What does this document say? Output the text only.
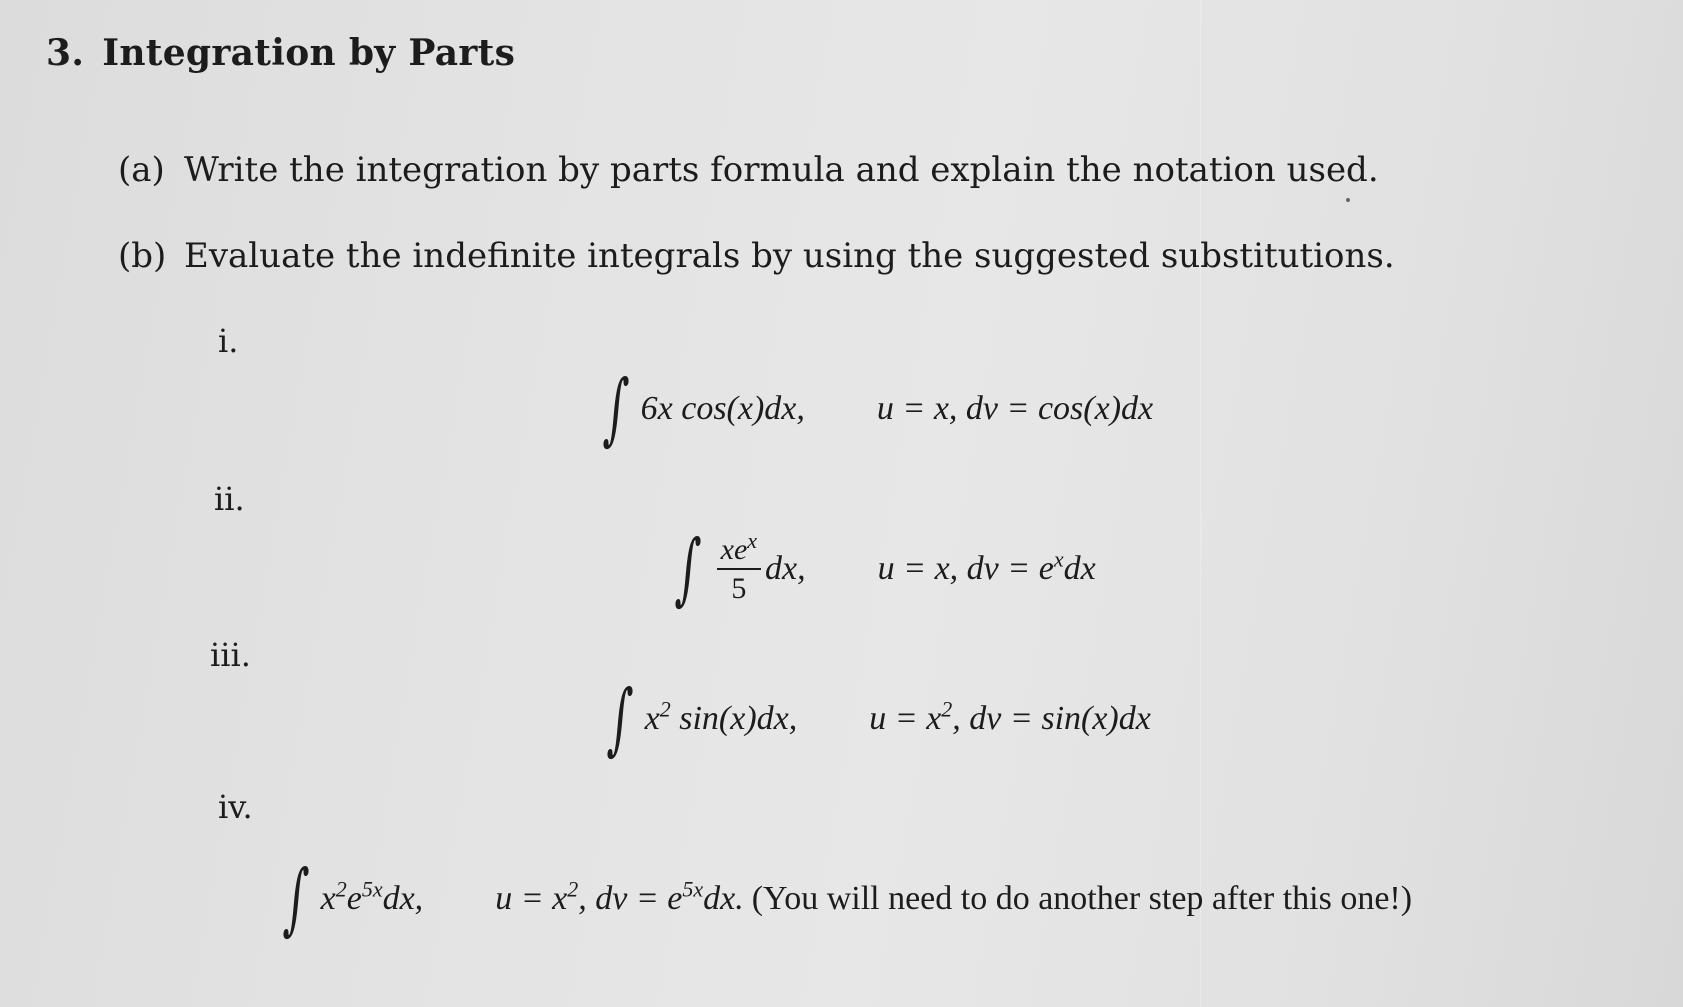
3. Integration by Parts
(a) Write the integration by parts formula and explain the notation used.
(b) Evaluate the indefinite integrals by using the suggested substitutions.
i.
∫ 6x cos(x)dx, u = x, dv = cos(x)dx
ii.
∫ $\frac{xe^x}{5}$ dx, u = x, dv = $e^xdx$
iii.
∫ $x^2$ sin(x)dx, $u = x^2$, dv = sin(x)dx
iv.
∫ $x^2e^{5x}dx$, $u = x^2$, dv = $e^{5x}dx$. (You will need to do another step after this one!)
